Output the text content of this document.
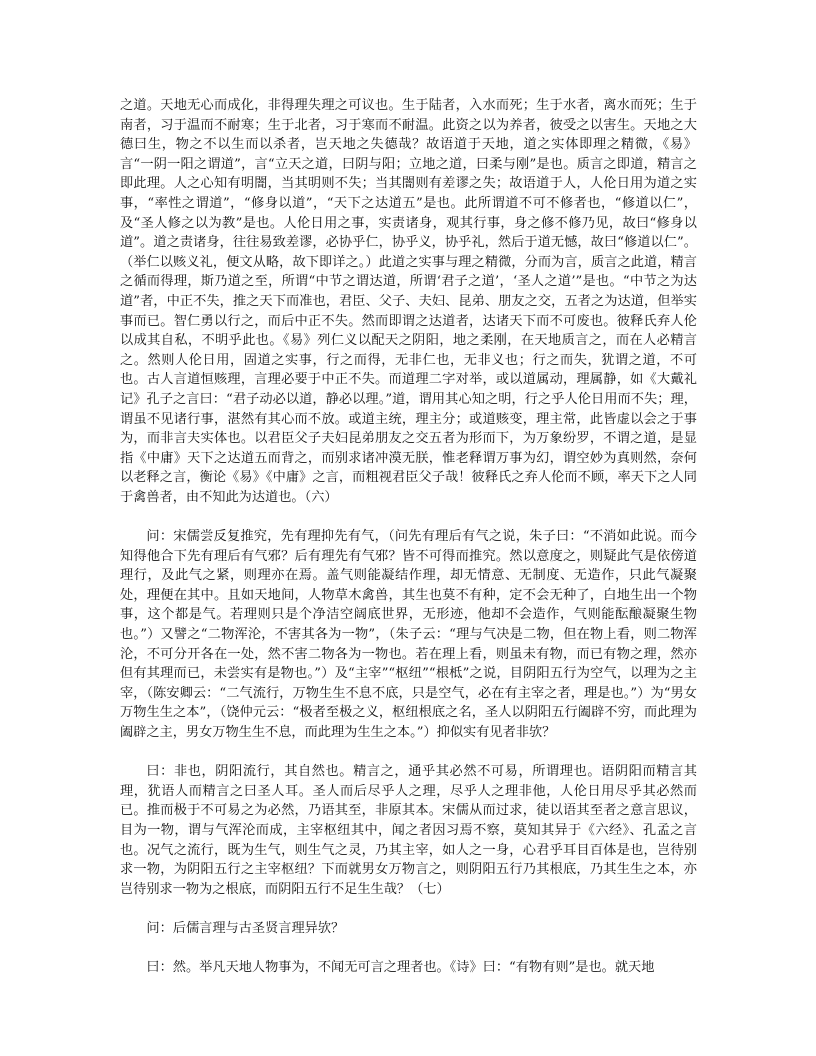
之道。天地无心而成化，非得理失理之可议也。生于陆者，入水而死；生于水者，离水而死；生于南者，习于温而不耐寒；生于北者，习于寒而不耐温。此资之以为养者，彼受之以害生。天地之大德曰生，物之不以生而以杀者，岂天地之失德哉？故语道于天地，道之实体即理之精微，《易》言“一阴一阳之谓道”，言“立天之道，曰阴与阳；立地之道，曰柔与刚”是也。质言之即道，精言之即此理。人之心知有明闇，当其明则不失；当其闇则有差谬之失；故语道于人，人伦日用为道之实事，“率性之谓道”，“修身以道”，“天下之达道五”是也。此所谓道不可不修者也，“修道以仁”，及“圣人修之以为教”是也。人伦日用之事，实责诸身，观其行事，身之修不修乃见，故曰“修身以道”。道之责诸身，往往易致差谬，必协乎仁，协乎义，协乎礼，然后于道无憾，故曰“修道以仁”。（举仁以赅义礼，便文从略，故下即详之。）此道之实事与理之精微，分而为言，质言之此道，精言之循而得理，斯乃道之至，所谓“中节之谓达道，所谓‘君子之道’，‘圣人之道’”是也。“中节之为达道”者，中正不失，推之天下而准也，君臣、父子、夫妇、昆弟、朋友之交，五者之为达道，但举实事而已。智仁勇以行之，而后中正不失。然而即谓之达道者，达诸天下而不可废也。彼释氏弃人伦以成其自私，不明乎此也。《易》列仁义以配天之阴阳，地之柔刚，在天地质言之，而在人必精言之。然则人伦日用，固道之实事，行之而得，无非仁也，无非义也；行之而失，犹谓之道，不可也。古人言道恒赅理，言理必要于中正不失。而道理二字对举，或以道属动，理属静，如《大戴礼记》孔子之言曰：“君子动必以道，静必以理。”道，谓用其心知之明，行之乎人伦日用而不失；理，谓虽不见诸行事，湛然有其心而不放。或道主统，理主分；或道赅变，理主常，此皆虚以会之于事为，而非言夫实体也。以君臣父子夫妇昆弟朋友之交五者为形而下，为万象纷罗，不谓之道，是显指《中庸》天下之达道五而背之，而别求诸冲漠无朕，惟老释谓万事为幻，谓空妙为真则然，奈何以老释之言，衡论《易》《中庸》之言，而粗视君臣父子哉！彼释氏之弃人伦而不顾，率天下之人同于禽兽者，由不知此为达道也。（六）

问：宋儒尝反复推究，先有理抑先有气，（问先有理后有气之说，朱子曰：“不消如此说。而今知得他合下先有理后有气邪？后有理先有气邪？皆不可得而推究。然以意度之，则疑此气是依傍道理行，及此气之紧，则理亦在焉。盖气则能凝结作理，却无情意、无制度、无造作，只此气凝聚处，理便在其中。且如天地间，人物草木禽兽，其生也莫不有种，定不会无种了，白地生出一个物事，这个都是气。若理则只是个净洁空阔底世界，无形迹，他却不会造作，气则能酝酿凝聚生物也。”）又譬之“二物浑沦，不害其各为一物”，（朱子云：“理与气决是二物，但在物上看，则二物浑沦，不可分开各在一处，然不害二物各为一物也。若在理上看，则虽未有物，而已有物之理，然亦但有其理而已，未尝实有是物也。”）及“主宰”“枢纽”“根柢”之说，目阴阳五行为空气，以理为之主宰，（陈安卿云：“二气流行，万物生生不息不底，只是空气，必在有主宰之者，理是也。”）为“男女万物生生之本”，（饶仲元云：“极者至极之义，枢纽根底之名，圣人以阴阳五行阖辟不穷，而此理为阖辟之主，男女万物生生不息，而此理为生生之本。”）抑似实有见者非欤？

曰：非也，阴阳流行，其自然也。精言之，通乎其必然不可易，所谓理也。语阴阳而精言其理，犹语人而精言之曰圣人耳。圣人而后尽乎人之理，尽乎人之理非他，人伦日用尽乎其必然而已。推而极于不可易之为必然，乃语其至，非原其本。宋儒从而过求，徒以语其至者之意言思议，目为一物，谓与气浑沦而成，主宰枢纽其中，闻之者因习焉不察，莫知其异于《六经》、孔孟之言也。况气之流行，既为生气，则生气之灵，乃其主宰，如人之一身，心君乎耳目百体是也，岂待别求一物，为阴阳五行之主宰枢纽？下而就男女万物言之，则阴阳五行乃其根底，乃其生生之本，亦岂待别求一物为之根底，而阴阳五行不足生生哉？（七）

问：后儒言理与古圣贤言理异欤？

曰：然。举凡天地人物事为，不闻无可言之理者也。《诗》曰：“有物有则”是也。就天地
